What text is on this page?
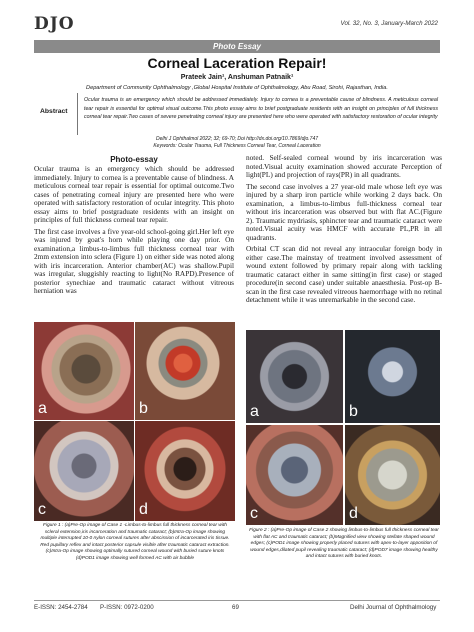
DJO	Vol. 32, No. 3, January-March 2022
Photo Essay
Corneal Laceration Repair!
Prateek Jain¹, Anshuman Patnaik¹
Department of Community Ophthalmology ,Global Hospital Institute of Ophthalmology, Abu Road, Sirohi, Rajasthan, India.
Abstract
Ocular trauma is an emergency which should be addressed immediately. Injury to cornea is a preventable cause of blindness. A meticulous corneal tear repair is essential for optimal visual outcome.This photo essay aims to brief postgraduate residents with an insight on principles of full thickness corneal tear repair.Two cases of severe penetrating corneal injury are presented here who were operated with satisfactory restoration of ocular integrity
Delhi J Ophthalmol 2022; 32; 69-70; Doi http://dx.doi.org/10.7869/djo.747
Keywords: Ocular Trauma, Full Thickness Corneal Tear, Corneal Laceration
Photo-essay

Ocular trauma is an emergency which should be addressed immediately. Injury to cornea is a preventable cause of blindness. A meticulous corneal tear repair is essential for optimal outcome.Two cases of penetrating corneal injury are presented here who were operated with satisfactory restoration of ocular integrity. This photo essay aims to brief postgraduate residents with an insight on principles of full thickness corneal tear repair.

The first case involves a five year-old school-going girl.Her left eye was injured by goat's horn while playing one day prior. On examination,a limbus-to-limbus full thickness corneal tear with 2mm extension into sclera (Figure 1) on either side was noted along with iris incarceration. Anterior chamber(AC) was shallow.Pupil was irregular, sluggishly reacting to light(No RAPD).Presence of posterior synechiae and traumatic cataract without vitreous herniation was

noted. Self-sealed corneal wound by iris incarceration was noted.Visual acuity examination showed accurate Perception of light(PL) and projection of rays(PR) in all quadrants.

The second case involves a 27 year-old male whose left eye was injured by a sharp iron particle while working 2 days back. On examination, a limbus-to-limbus full-thickness corneal tear without iris incarceration was observed but with flat AC.(Figure 2). Traumatic mydriasis, sphincter tear and traumatic cataract were noted.Visual acuity was HMCF with accurate PL,PR in all quadrants.

Orbital CT scan did not reveal any intraocular foreign body in either case.The mainstay of treatment involved assessment of wound extent followed by primary repair along with tackling traumatic cataract either in same sitting(in first case) or staged procedure(in second case) under suitable anaesthesia. Post-op B-scan in the first case revealed vitreous haemorrhage with no retinal detachment while it was unremarkable in the second case.

a	b
c	d
Figure 1 : (a)Pre-Op image of Case 1 -Limbus-to-limbus full thickness corneal tear with scleral extension,iris incarceration and traumatic cataract; (b)Intra-Op image showing multiple interrupted 10-0 nylon corneal sutures after abscission of incarcerated iris tissue. Red pupillary reflex and intact posterior capsule visible after traumatic cataract extraction. (c)Intra-Op image showing optimally sutured corneal wound with buried suture knots (d)POD1 image showing well formed AC with air bubble
a	b
c	d
Figure 2 : (a)Pre-Op image of Case 2 showing limbus-to-limbus full thickness corneal tear with flat AC and traumatic cataract; (b)Magnified view showing stellate shaped wound edges; (c)POD1 image showing properly placed sutures with apex-to-layer apposition of wound edges,dilated pupil revealing traumatic cataract; (d)POD7 image showing healthy and intact sutures with buried knots.
E-ISSN: 2454-2784 P-ISSN: 0972-0200	69	Delhi Journal of Ophthalmology
